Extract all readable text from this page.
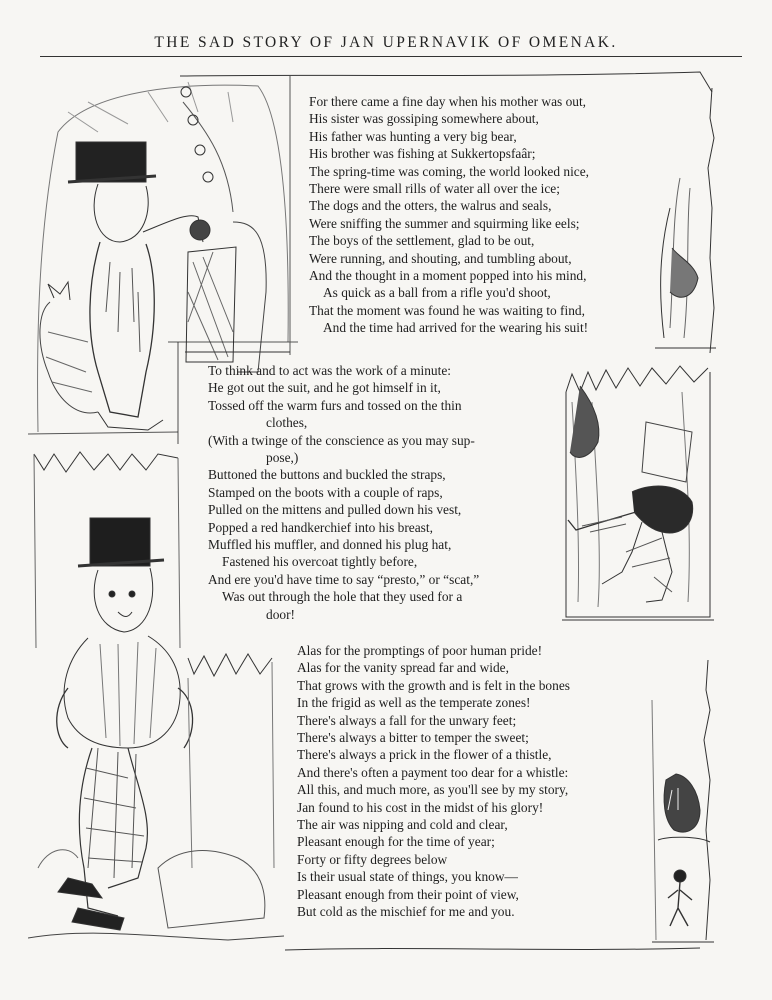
THE SAD STORY OF JAN UPERNAVIK OF OMENAK.
For there came a fine day when his mother was out,
His sister was gossiping somewhere about,
His father was hunting a very big bear,
His brother was fishing at Sukkertopsfaâr;
The spring-time was coming, the world looked nice,
There were small rills of water all over the ice;
The dogs and the otters, the walrus and seals,
Were sniffing the summer and squirming like eels;
The boys of the settlement, glad to be out,
Were running, and shouting, and tumbling about,
And the thought in a moment popped into his mind,
As quick as a ball from a rifle you'd shoot,
That the moment was found he was waiting to find,
And the time had arrived for the wearing his suit!
To think and to act was the work of a minute:
He got out the suit, and he got himself in it,
Tossed off the warm furs and tossed on the thin
clothes,
(With a twinge of the conscience as you may sup-
pose,)
Buttoned the buttons and buckled the straps,
Stamped on the boots with a couple of raps,
Pulled on the mittens and pulled down his vest,
Popped a red handkerchief into his breast,
Muffled his muffler, and donned his plug hat,
Fastened his overcoat tightly before,
And ere you'd have time to say “presto,” or “scat,”
Was out through the hole that they used for a
door!
Alas for the promptings of poor human pride!
Alas for the vanity spread far and wide,
That grows with the growth and is felt in the bones
In the frigid as well as the temperate zones!
There's always a fall for the unwary feet;
There's always a bitter to temper the sweet;
There's always a prick in the flower of a thistle,
And there's often a payment too dear for a whistle:
All this, and much more, as you'll see by my story,
Jan found to his cost in the midst of his glory!
The air was nipping and cold and clear,
Pleasant enough for the time of year;
Forty or fifty degrees below
Is their usual state of things, you know—
Pleasant enough from their point of view,
But cold as the mischief for me and you.
